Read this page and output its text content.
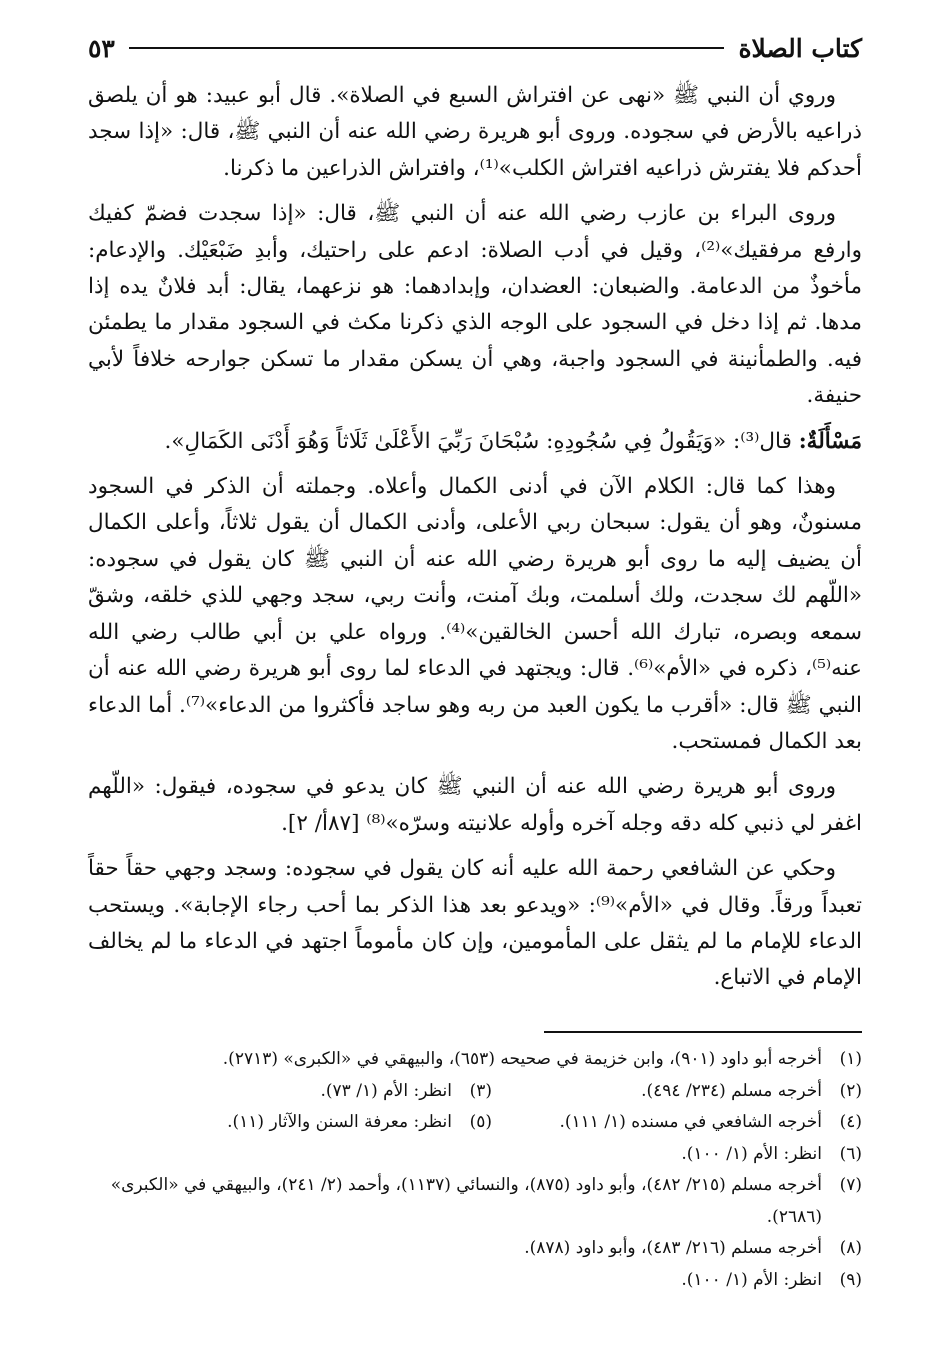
كتاب الصلاة
٥٣

وروي أن النبي ﷺ «نهى عن افتراش السبع في الصلاة». قال أبو عبيد: هو أن يلصق ذراعيه بالأرض في سجوده. وروى أبو هريرة رضي الله عنه أن النبي ﷺ، قال: «إذا سجد أحدكم فلا يفترش ذراعيه افتراش الكلب»⁽¹⁾، وافتراش الذراعين ما ذكرنا.

وروى البراء بن عازب رضي الله عنه أن النبي ﷺ، قال: «إذا سجدت فضمّ كفيك وارفع مرفقيك»⁽²⁾، وقيل في أدب الصلاة: ادعم على راحتيك، وأبدِ ضَبْعَيْك. والإدعام: مأخوذٌ من الدعامة. والضبعان: العضدان، وإبدادهما: هو نزعهما، يقال: أبد فلانٌ يده إذا مدها. ثم إذا دخل في السجود على الوجه الذي ذكرنا مكث في السجود مقدار ما يطمئن فيه. والطمأنينة في السجود واجبة، وهي أن يسكن مقدار ما تسكن جوارحه خلافاً لأبي حنيفة.

مَسْأَلَةٌ: قال⁽³⁾: «وَيَقُولُ فِي سُجُودِهِ: سُبْحَانَ رَبِّيَ الأَعْلَىٰ ثَلَاثاً وَهُوَ أَدْنَى الكَمَالِ».

وهذا كما قال: الكلام الآن في أدنى الكمال وأعلاه. وجملته أن الذكر في السجود مسنونٌ، وهو أن يقول: سبحان ربي الأعلى، وأدنى الكمال أن يقول ثلاثاً، وأعلى الكمال أن يضيف إليه ما روى أبو هريرة رضي الله عنه أن النبي ﷺ كان يقول في سجوده: «اللّهم لك سجدت، ولك أسلمت، وبك آمنت، وأنت ربي، سجد وجهي للذي خلقه، وشقّ سمعه وبصره، تبارك الله أحسن الخالقين»⁽⁴⁾. ورواه علي بن أبي طالب رضي الله عنه⁽⁵⁾، ذكره في «الأم»⁽⁶⁾. قال: ويجتهد في الدعاء لما روى أبو هريرة رضي الله عنه أن النبي ﷺ قال: «أقرب ما يكون العبد من ربه وهو ساجد فأكثروا من الدعاء»⁽⁷⁾. أما الدعاء بعد الكمال فمستحب.

وروى أبو هريرة رضي الله عنه أن النبي ﷺ كان يدعو في سجوده، فيقول: «اللّهم اغفر لي ذنبي كله دقه وجله آخره وأوله علانيته وسرّه»⁽⁸⁾ [٨٧أ/ ٢].

وحكي عن الشافعي رحمة الله عليه أنه كان يقول في سجوده: وسجد وجهي حقاً حقاً تعبداً ورقاً. وقال في «الأم»⁽⁹⁾: «ويدعو بعد هذا الذكر بما أحب رجاء الإجابة». ويستحب الدعاء للإمام ما لم يثقل على المأمومين، وإن كان مأموماً اجتهد في الدعاء ما لم يخالف الإمام في الاتباع.

(١)
أخرجه أبو داود (٩٠١)، وابن خزيمة في صحيحه (٦٥٣)، والبيهقي في «الكبرى» (٢٧١٣).
(٢)
أخرجه مسلم (٢٣٤/ ٤٩٤).
(٣)
انظر: الأم (١/ ٧٣).
(٤)
أخرجه الشافعي في مسنده (١/ ١١١).
(٥)
انظر: معرفة السنن والآثار (١١).
(٦)
انظر: الأم (١/ ١٠٠).
(٧)
أخرجه مسلم (٢١٥/ ٤٨٢)، وأبو داود (٨٧٥)، والنسائي (١١٣٧)، وأحمد (٢/ ٢٤١)، والبيهقي في «الكبرى» (٢٦٨٦).
(٨)
أخرجه مسلم (٢١٦/ ٤٨٣)، وأبو داود (٨٧٨).
(٩)
انظر: الأم (١/ ١٠٠).
